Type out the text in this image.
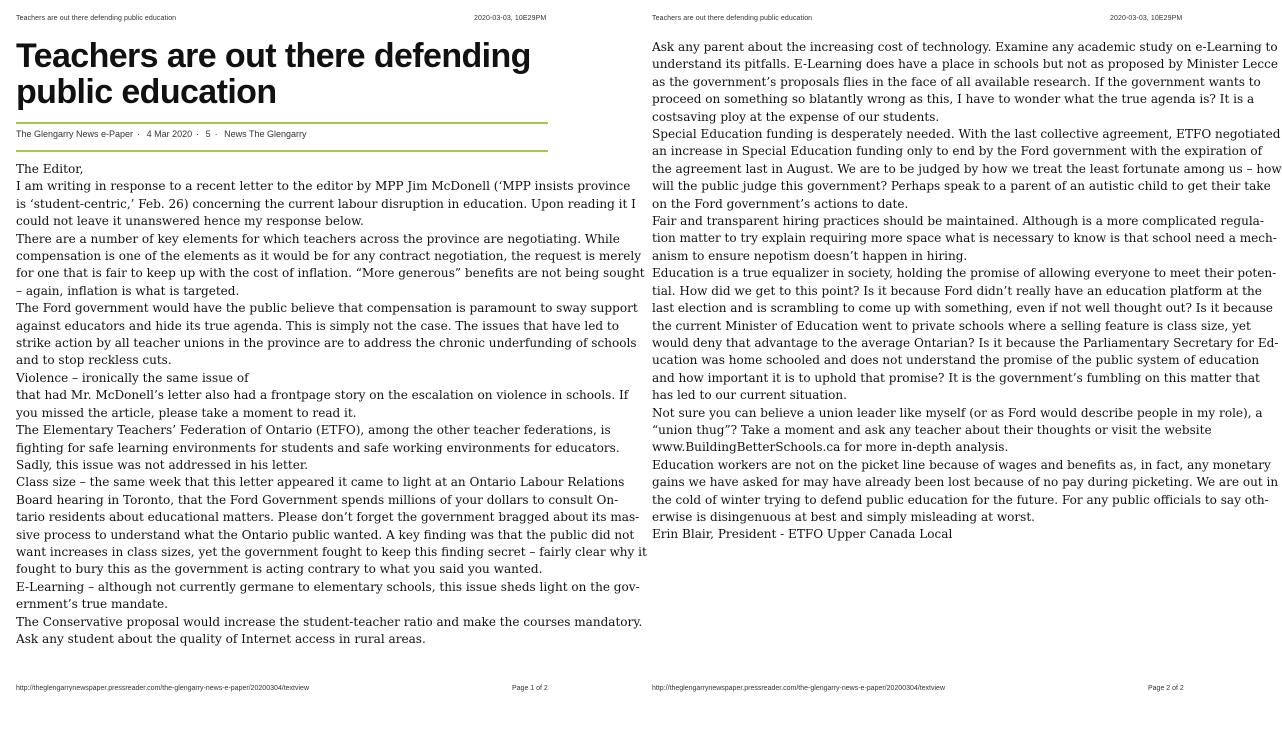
Teachers are out there defending public education	2020-03-03, 10E29PM
Teachers are out there defending
public education
The Glengarry News e-Paper · 4 Mar 2020 · 5 · News The Glengarry

The Editor,

I am writing in response to a recent letter to the editor by MPP Jim McDonell (‘MPP insists province

is ‘student-centric,’ Feb. 26) concerning the current labour disruption in education. Upon reading it I

could not leave it unanswered hence my response below.

There are a number of key elements for which teachers across the province are negotiating. While

compensation is one of the elements as it would be for any contract negotiation, the request is merely

for one that is fair to keep up with the cost of inflation. “More generous” benefits are not being sought

– again, inflation is what is targeted.

The Ford government would have the public believe that compensation is paramount to sway support

against educators and hide its true agenda. This is simply not the case. The issues that have led to

strike action by all teacher unions in the province are to address the chronic underfunding of schools

and to stop reckless cuts.

Violence – ironically the same issue of

that had Mr. McDonell’s letter also had a frontpage story on the escalation on violence in schools. If

you missed the article, please take a moment to read it.

The Elementary Teachers’ Federation of Ontario (ETFO), among the other teacher federations, is

fighting for safe learning environments for students and safe working environments for educators.

Sadly, this issue was not addressed in his letter.

Class size – the same week that this letter appeared it came to light at an Ontario Labour Relations

Board hearing in Toronto, that the Ford Government spends millions of your dollars to consult On-

tario residents about educational matters. Please don’t forget the government bragged about its mas-

sive process to understand what the Ontario public wanted. A key finding was that the public did not

want increases in class sizes, yet the government fought to keep this finding secret – fairly clear why it

fought to bury this as the government is acting contrary to what you said you wanted.

E-Learning – although not currently germane to elementary schools, this issue sheds light on the gov-

ernment’s true mandate.

The Conservative proposal would increase the student-teacher ratio and make the courses mandatory.

Ask any student about the quality of Internet access in rural areas.

http://theglengarrynewspaper.pressreader.com/the-glengarry-news-e-paper/20200304/textview	Page 1 of 2
Teachers are out there defending public education	2020-03-03, 10E29PM

Ask any parent about the increasing cost of technology. Examine any academic study on e-Learning to

understand its pitfalls. E-Learning does have a place in schools but not as proposed by Minister Lecce

as the government’s proposals flies in the face of all available research. If the government wants to

proceed on something so blatantly wrong as this, I have to wonder what the true agenda is? It is a

costsaving ploy at the expense of our students.

Special Education funding is desperately needed. With the last collective agreement, ETFO negotiated

an increase in Special Education funding only to end by the Ford government with the expiration of

the agreement last in August. We are to be judged by how we treat the least fortunate among us – how

will the public judge this government? Perhaps speak to a parent of an autistic child to get their take

on the Ford government’s actions to date.

Fair and transparent hiring practices should be maintained. Although is a more complicated regula-

tion matter to try explain requiring more space what is necessary to know is that school need a mech-

anism to ensure nepotism doesn’t happen in hiring.

Education is a true equalizer in society, holding the promise of allowing everyone to meet their poten-

tial. How did we get to this point? Is it because Ford didn’t really have an education platform at the

last election and is scrambling to come up with something, even if not well thought out? Is it because

the current Minister of Education went to private schools where a selling feature is class size, yet

would deny that advantage to the average Ontarian? Is it because the Parliamentary Secretary for Ed-

ucation was home schooled and does not understand the promise of the public system of education

and how important it is to uphold that promise? It is the government’s fumbling on this matter that

has led to our current situation.

Not sure you can believe a union leader like myself (or as Ford would describe people in my role), a

“union thug”? Take a moment and ask any teacher about their thoughts or visit the website

www.BuildingBetterSchools.ca for more in-depth analysis.

Education workers are not on the picket line because of wages and benefits as, in fact, any monetary

gains we have asked for may have already been lost because of no pay during picketing. We are out in

the cold of winter trying to defend public education for the future. For any public officials to say oth-

erwise is disingenuous at best and simply misleading at worst.

Erin Blair, President - ETFO Upper Canada Local

http://theglengarrynewspaper.pressreader.com/the-glengarry-news-e-paper/20200304/textview	Page 2 of 2
